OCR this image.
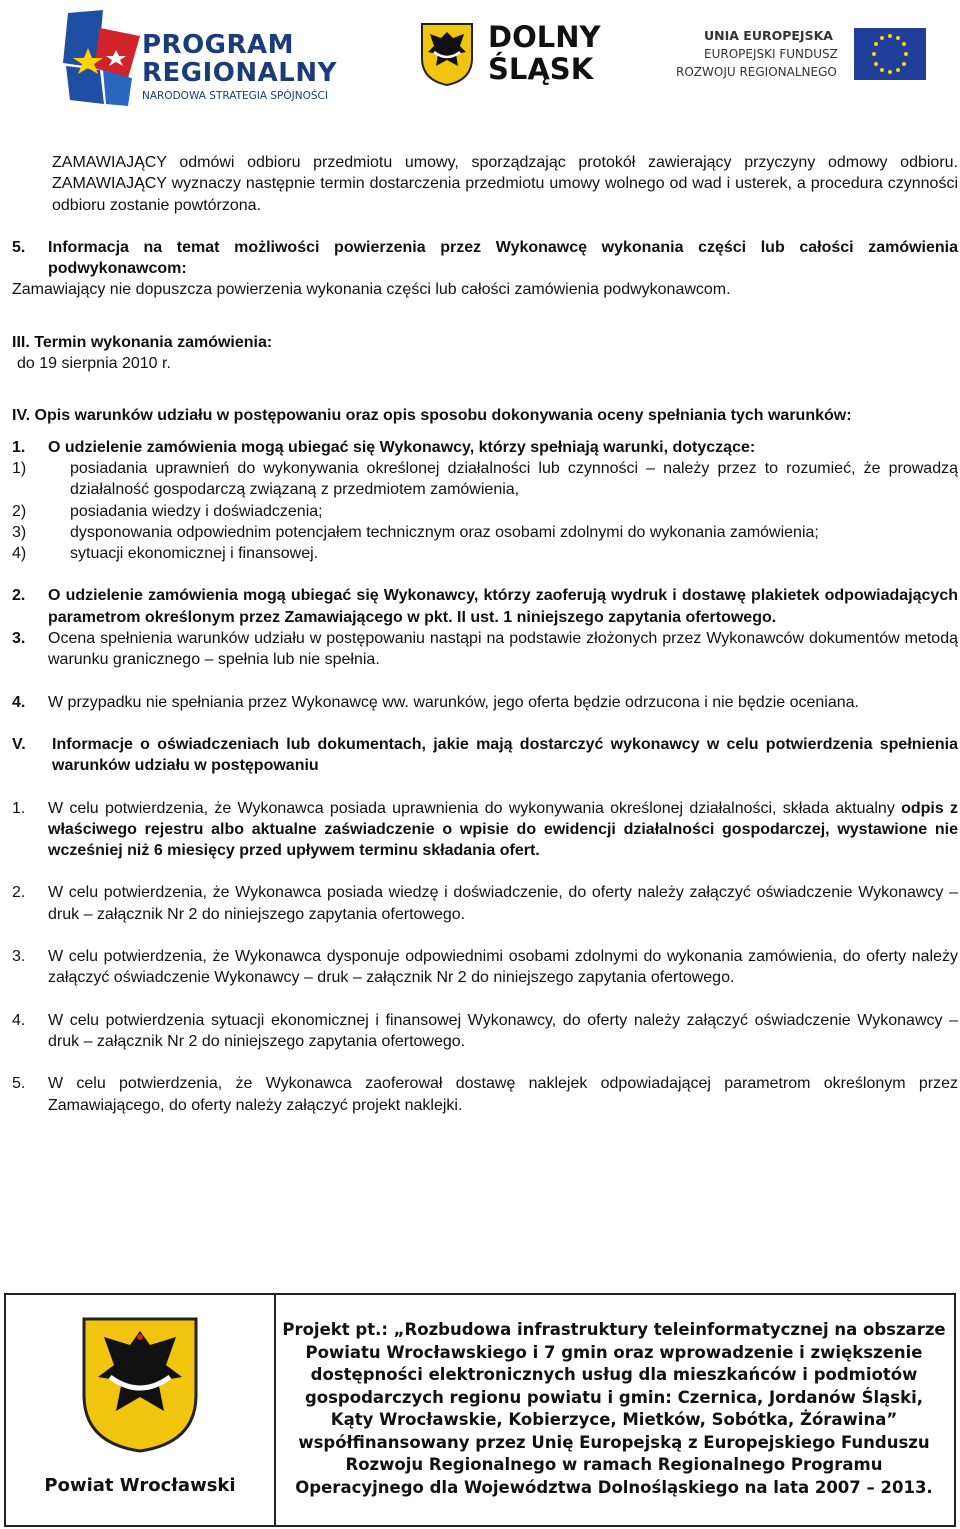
PROGRAM
REGIONALNY
NARODOWA STRATEGIA SPÓJNOŚCI
DOLNY
ŚLĄSK
UNIA EUROPEJSKA
EUROPEJSKI FUNDUSZ
ROZWOJU REGIONALNEGO

ZAMAWIAJĄCY odmówi odbioru przedmiotu umowy, sporządzając protokół zawierający przyczyny odmowy odbioru. ZAMAWIAJĄCY wyznaczy następnie termin dostarczenia przedmiotu umowy wolnego od wad i usterek, a procedura czynności odbioru zostanie powtórzona.

5. Informacja na temat możliwości powierzenia przez Wykonawcę wykonania części lub całości zamówienia podwykonawcom:

Zamawiający nie dopuszcza powierzenia wykonania części lub całości zamówienia podwykonawcom.

III. Termin wykonania zamówienia:

do 19 sierpnia 2010 r.

IV. Opis warunków udziału w postępowaniu oraz opis sposobu dokonywania oceny spełniania tych warunków:

1. O udzielenie zamówienia mogą ubiegać się Wykonawcy, którzy spełniają warunki, dotyczące:

1)	posiadania uprawnień do wykonywania określonej działalności lub czynności – należy przez to rozumieć, że prowadzą działalność gospodarczą związaną z przedmiotem zamówienia,

2)	posiadania wiedzy i doświadczenia;

3)	dysponowania odpowiednim potencjałem technicznym oraz osobami zdolnymi do wykonania zamówienia;

4)	sytuacji ekonomicznej i finansowej.

2. O udzielenie zamówienia mogą ubiegać się Wykonawcy, którzy zaoferują wydruk i dostawę plakietek odpowiadających parametrom określonym przez Zamawiającego w pkt. II ust. 1 niniejszego zapytania ofertowego.

3. Ocena spełnienia warunków udziału w postępowaniu nastąpi na podstawie złożonych przez Wykonawców dokumentów metodą warunku granicznego – spełnia lub nie spełnia.

4. W przypadku nie spełniania przez Wykonawcę ww. warunków, jego oferta będzie odrzucona i nie będzie oceniana.

V. Informacje o oświadczeniach lub dokumentach, jakie mają dostarczyć wykonawcy w celu potwierdzenia spełnienia warunków udziału w postępowaniu

1. W celu potwierdzenia, że Wykonawca posiada uprawnienia do wykonywania określonej działalności, składa aktualny odpis z właściwego rejestru albo aktualne zaświadczenie o wpisie do ewidencji działalności gospodarczej, wystawione nie wcześniej niż 6 miesięcy przed upływem terminu składania ofert.

2. W celu potwierdzenia, że Wykonawca posiada wiedzę i doświadczenie, do oferty należy załączyć oświadczenie Wykonawcy – druk – załącznik Nr 2 do niniejszego zapytania ofertowego.

3. W celu potwierdzenia, że Wykonawca dysponuje odpowiednimi osobami zdolnymi do wykonania zamówienia, do oferty należy załączyć oświadczenie Wykonawcy – druk – załącznik Nr 2 do niniejszego zapytania ofertowego.

4. W celu potwierdzenia sytuacji ekonomicznej i finansowej Wykonawcy, do oferty należy załączyć oświadczenie Wykonawcy – druk – załącznik Nr 2 do niniejszego zapytania ofertowego.

5. W celu potwierdzenia, że Wykonawca zaoferował dostawę naklejek odpowiadającej parametrom określonym przez Zamawiającego, do oferty należy załączyć projekt naklejki.

Powiat Wrocławski
Projekt pt.: „Rozbudowa infrastruktury teleinformatycznej na obszarze
Powiatu Wrocławskiego i 7 gmin oraz wprowadzenie i zwiększenie
dostępności elektronicznych usług dla mieszkańców i podmiotów
gospodarczych regionu powiatu i gmin: Czernica, Jordanów Śląski,
Kąty Wrocławskie, Kobierzyce, Mietków, Sobótka, Żórawina”
współfinansowany przez Unię Europejską z Europejskiego Funduszu
Rozwoju Regionalnego w ramach Regionalnego Programu
Operacyjnego dla Województwa Dolnośląskiego na lata 2007 – 2013.
